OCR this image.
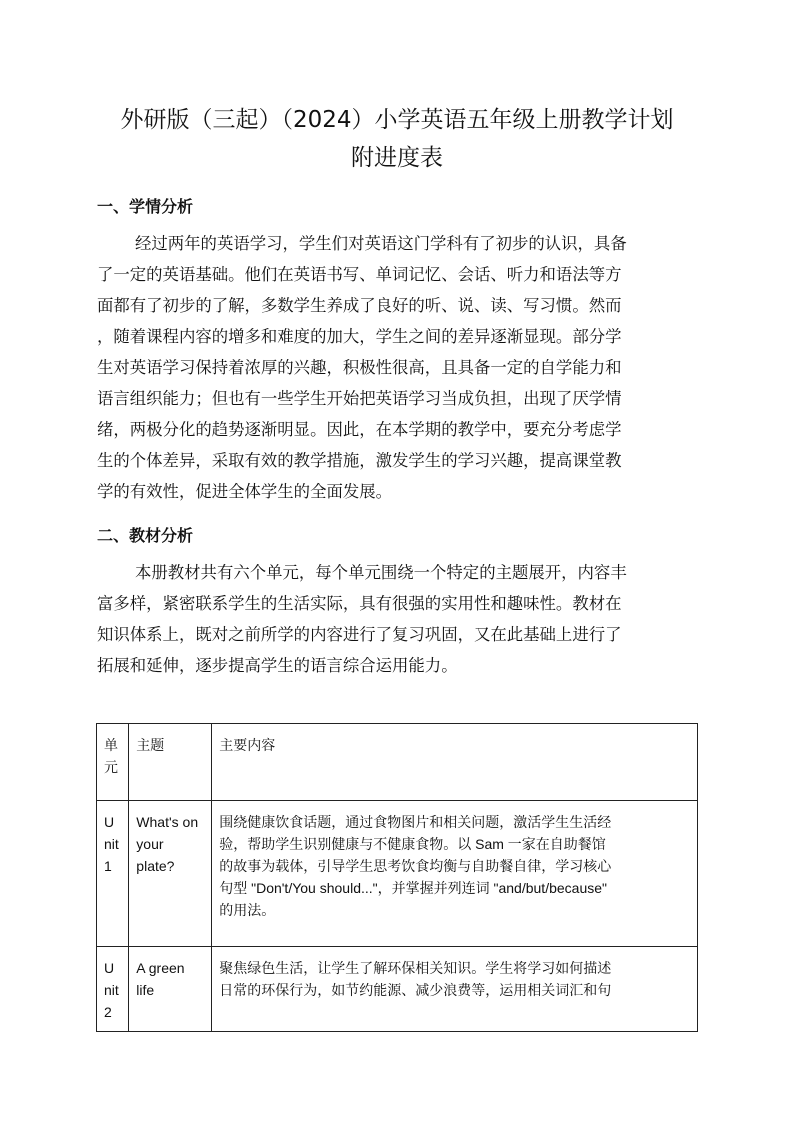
外研版（三起）（2024）小学英语五年级上册教学计划
附进度表
一、学情分析
经过两年的英语学习，学生们对英语这门学科有了初步的认识，具备
了一定的英语基础。他们在英语书写、单词记忆、会话、听力和语法等方
面都有了初步的了解，多数学生养成了良好的听、说、读、写习惯。然而
，随着课程内容的增多和难度的加大，学生之间的差异逐渐显现。部分学
生对英语学习保持着浓厚的兴趣，积极性很高，且具备一定的自学能力和
语言组织能力；但也有一些学生开始把英语学习当成负担，出现了厌学情
绪，两极分化的趋势逐渐明显。因此，在本学期的教学中，要充分考虑学
生的个体差异，采取有效的教学措施，激发学生的学习兴趣，提高课堂教
学的有效性，促进全体学生的全面发展。
二、教材分析
本册教材共有六个单元，每个单元围绕一个特定的主题展开，内容丰
富多样，紧密联系学生的生活实际，具有很强的实用性和趣味性。教材在
知识体系上，既对之前所学的内容进行了复习巩固，又在此基础上进行了
拓展和延伸，逐步提高学生的语言综合运用能力。
单元	主题	主要内容
Unit 1	What's on your plate?	围绕健康饮食话题，通过食物图片和相关问题，激活学生生活经
验，帮助学生识别健康与不健康食物。以 Sam 一家在自助餐馆
的故事为载体，引导学生思考饮食均衡与自助餐自律，学习核心
句型 "Don't/You should..."，并掌握并列连词 "and/but/because"
的用法。

Unit 2	A green life	聚焦绿色生活，让学生了解环保相关知识。学生将学习如何描述
日常的环保行为，如节约能源、减少浪费等，运用相关词汇和句
